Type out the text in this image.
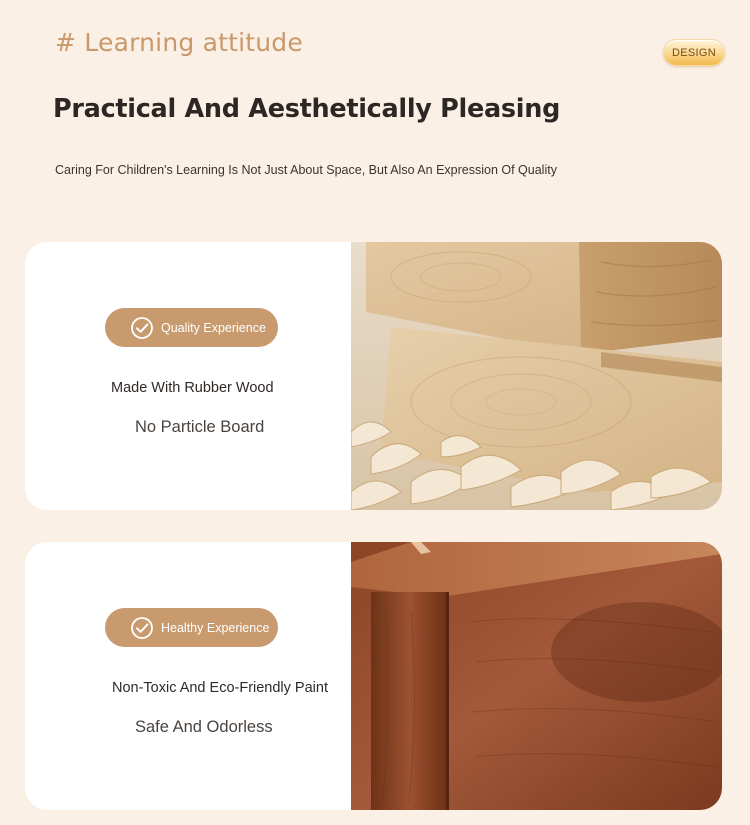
# Learning attitude	DESIGN
Practical And Aesthetically Pleasing

Caring For Children's Learning Is Not Just About Space, But Also An Expression Of Quality

Quality Experience
Made With Rubber Wood
No Particle Board
Healthy Experience
Non-Toxic And Eco-Friendly Paint
Safe And Odorless
